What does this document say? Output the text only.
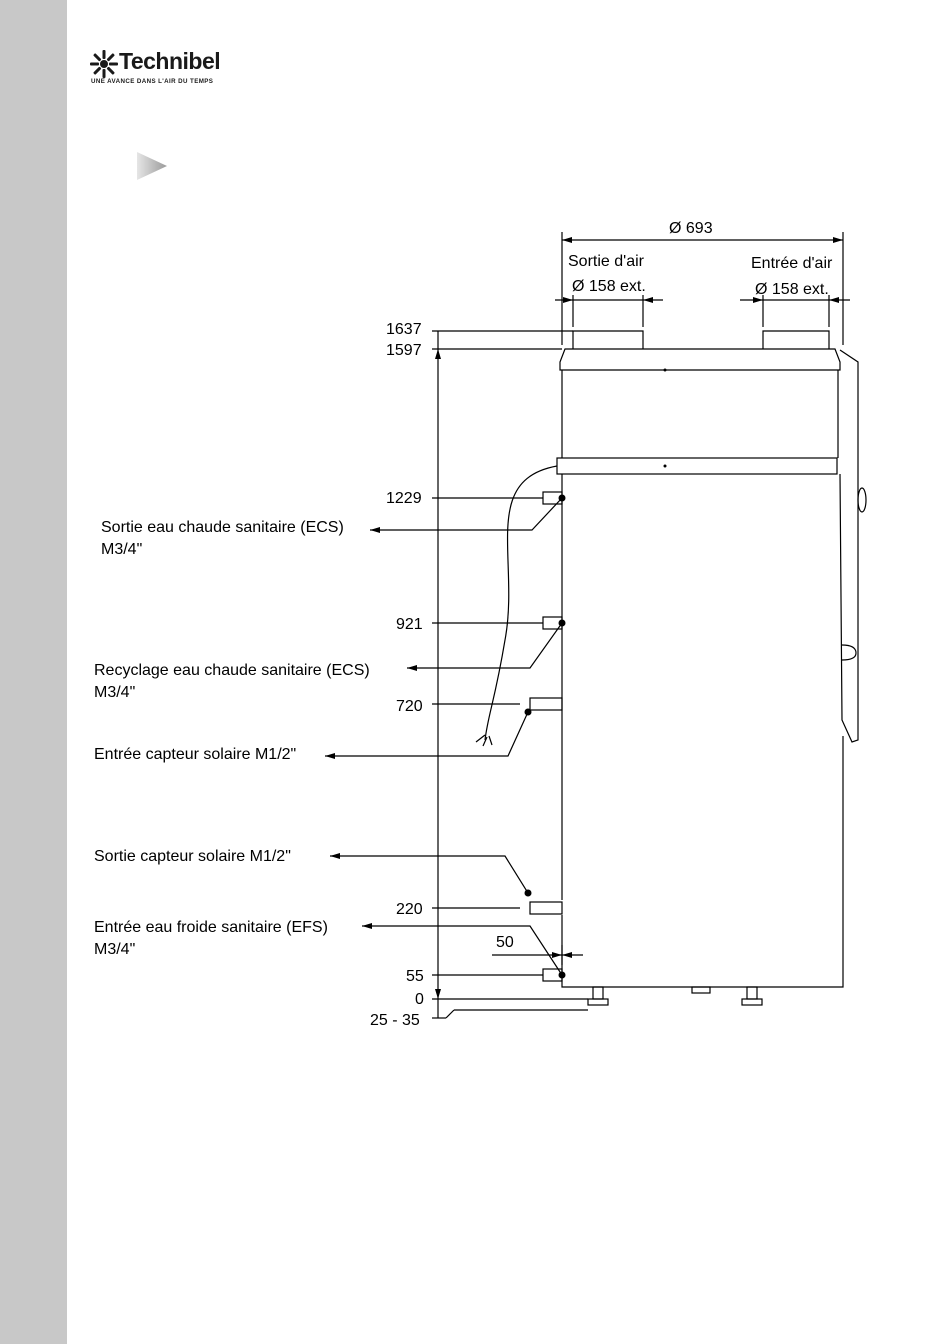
Technibel
UNE AVANCE DANS L'AIR DU TEMPS
Ø 693
Sortie d'air
Ø 158 ext.
Entrée d'air
Ø 158 ext.
1637
1597
1229
921
720
220
55
0
25 - 35
50
Sortie eau chaude sanitaire (ECS)
M3/4"
Recyclage eau chaude sanitaire (ECS)
M3/4"
Entrée capteur solaire M1/2"
Sortie capteur solaire M1/2"
Entrée eau froide sanitaire (EFS)
M3/4"
